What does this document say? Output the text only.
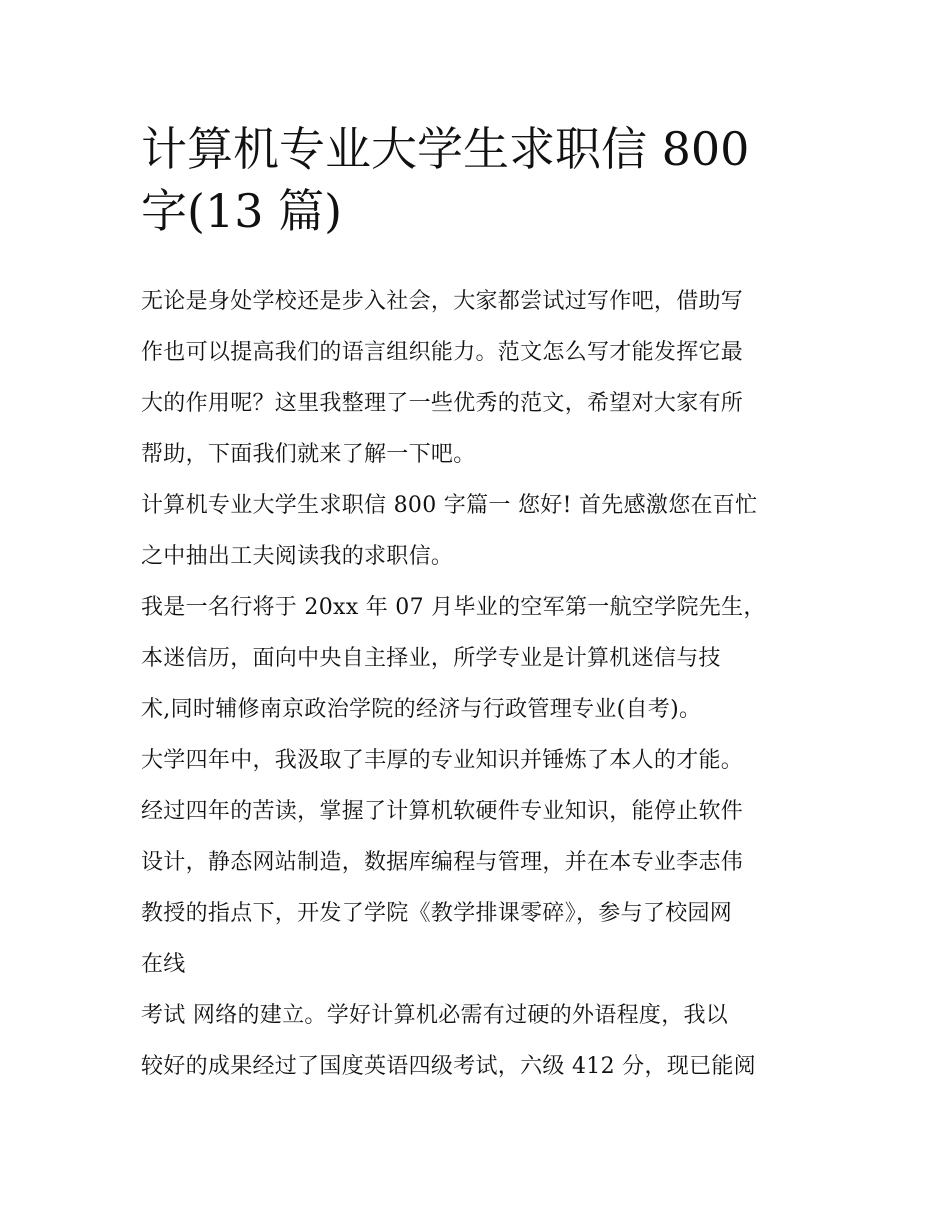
计算机专业大学生求职信 800
字(13 篇)

无论是身处学校还是步入社会，大家都尝试过写作吧，借助写
作也可以提高我们的语言组织能力。范文怎么写才能发挥它最
大的作用呢？这里我整理了一些优秀的范文，希望对大家有所
帮助，下面我们就来了解一下吧。

计算机专业大学生求职信 800 字篇一 您好! 首先感激您在百忙
之中抽出工夫阅读我的求职信。

我是一名行将于 20xx 年 07 月毕业的空军第一航空学院先生，
本迷信历，面向中央自主择业，所学专业是计算机迷信与技
术,同时辅修南京政治学院的经济与行政管理专业(自考)。

大学四年中，我汲取了丰厚的专业知识并锤炼了本人的才能。
经过四年的苦读，掌握了计算机软硬件专业知识，能停止软件
设计，静态网站制造，数据库编程与管理，并在本专业李志伟
教授的指点下，开发了学院《教学排课零碎》，参与了校园网
在线

考试 网络的建立。学好计算机必需有过硬的外语程度，我以
较好的成果经过了国度英语四级考试，六级 412 分，现已能阅
